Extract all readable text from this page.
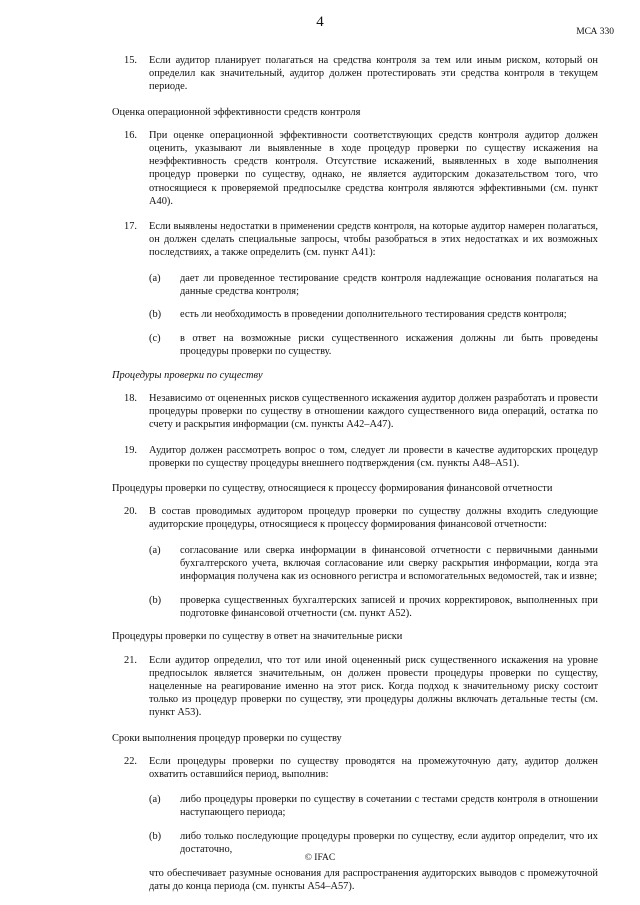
4
МСА 330
15. Если аудитор планирует полагаться на средства контроля за тем или иным риском, который он определил как значительный, аудитор должен протестировать эти средства контроля в текущем периоде.

Оценка операционной эффективности средств контроля
16. При оценке операционной эффективности соответствующих средств контроля аудитор должен оценить, указывают ли выявленные в ходе процедур проверки по существу искажения на неэффективность средств контроля. Отсутствие искажений, выявленных в ходе выполнения процедур проверки по существу, однако, не является аудиторским доказательством того, что относящиеся к проверяемой предпосылке средства контроля являются эффективными (см. пункт A40).

17. Если выявлены недостатки в применении средств контроля, на которые аудитор намерен полагаться, он должен сделать специальные запросы, чтобы разобраться в этих недостатках и их возможных последствиях, а также определить (см. пункт A41):

(a) дает ли проведенное тестирование средств контроля надлежащие основания полагаться на данные средства контроля;

(b) есть ли необходимость в проведении дополнительного тестирования средств контроля;

(c) в ответ на возможные риски существенного искажения должны ли быть проведены процедуры проверки по существу.

Процедуры проверки по существу
18. Независимо от оцененных рисков существенного искажения аудитор должен разработать и провести процедуры проверки по существу в отношении каждого существенного вида операций, остатка по счету и раскрытия информации (см. пункты A42–A47).

19. Аудитор должен рассмотреть вопрос о том, следует ли провести в качестве аудиторских процедур проверки по существу процедуры внешнего подтверждения (см. пункты A48–A51).

Процедуры проверки по существу, относящиеся к процессу формирования финансовой отчетности
20. В состав проводимых аудитором процедур проверки по существу должны входить следующие аудиторские процедуры, относящиеся к процессу формирования финансовой отчетности:

(a) согласование или сверка информации в финансовой отчетности с первичными данными бухгалтерского учета, включая согласование или сверку раскрытия информации, когда эта информация получена как из основного регистра и вспомогательных ведомостей, так и извне;

(b) проверка существенных бухгалтерских записей и прочих корректировок, выполненных при подготовке финансовой отчетности (см. пункт A52).

Процедуры проверки по существу в ответ на значительные риски
21. Если аудитор определил, что тот или иной оцененный риск существенного искажения на уровне предпосылок является значительным, он должен провести процедуры проверки по существу, нацеленные на реагирование именно на этот риск. Когда подход к значительному риску состоит только из процедур проверки по существу, эти процедуры должны включать детальные тесты (см. пункт A53).

Сроки выполнения процедур проверки по существу
22. Если процедуры проверки по существу проводятся на промежуточную дату, аудитор должен охватить оставшийся период, выполнив:

(a) либо процедуры проверки по существу в сочетании с тестами средств контроля в отношении наступающего периода;

(b) либо только последующие процедуры проверки по существу, если аудитор определит, что их достаточно,

что обеспечивает разумные основания для распространения аудиторских выводов с промежуточной даты до конца периода (см. пункты A54–A57).
© IFAC
